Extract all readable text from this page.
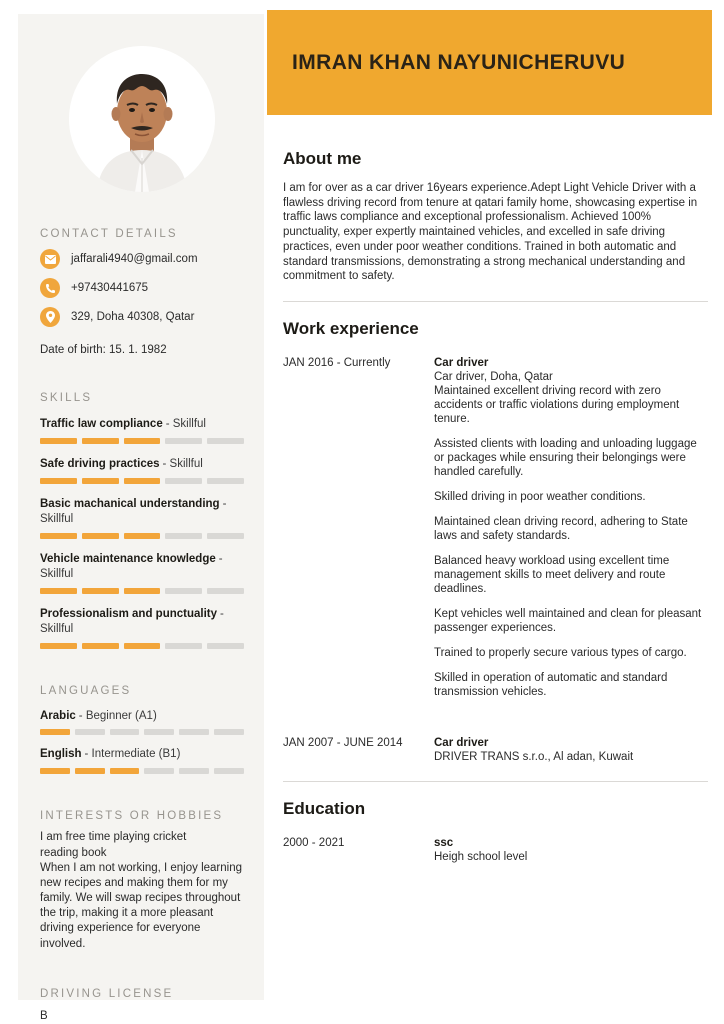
CONTACT DETAILS
jaffarali4940@gmail.com
+97430441675
329, Doha 40308, Qatar
Date of birth: 15. 1. 1982
SKILLS
Traffic law compliance - Skillful
Safe driving practices - Skillful
Basic machanical understanding - Skillful
Vehicle maintenance knowledge - Skillful
Professionalism and punctuality - Skillful
LANGUAGES
Arabic - Beginner (A1)
English - Intermediate (B1)
INTERESTS OR HOBBIES
I am free time playing cricket
reading book
When I am not working, I enjoy learning new recipes and making them for my family. We will swap recipes throughout the trip, making it a more pleasant driving experience for everyone involved.
DRIVING LICENSE
B
IMRAN KHAN NAYUNICHERUVU
About me

I am for over as a car driver 16years experience.Adept Light Vehicle Driver with a flawless driving record from tenure at qatari family home, showcasing expertise in traffic laws compliance and exceptional professionalism. Achieved 100% punctuality, exper expertly maintained vehicles, and excelled in safe driving practices, even under poor weather conditions. Trained in both automatic and standard transmissions, demonstrating a strong mechanical understanding and commitment to safety.

Work experience
JAN 2016 - Currently	Car driver
Car driver, Doha, Qatar

Maintained excellent driving record with zero accidents or traffic violations during employment tenure.

Assisted clients with loading and unloading luggage or packages while ensuring their belongings were handled carefully.

Skilled driving in poor weather conditions.

Maintained clean driving record, adhering to State laws and safety standards.

Balanced heavy workload using excellent time management skills to meet delivery and route deadlines.

Kept vehicles well maintained and clean for pleasant passenger experiences.

Trained to properly secure various types of cargo.

Skilled in operation of automatic and standard transmission vehicles.

JAN 2007 - JUNE 2014	Car driver
DRIVER TRANS s.r.o., Al adan, Kuwait
Education
2000 - 2021	ssc
Heigh school level
